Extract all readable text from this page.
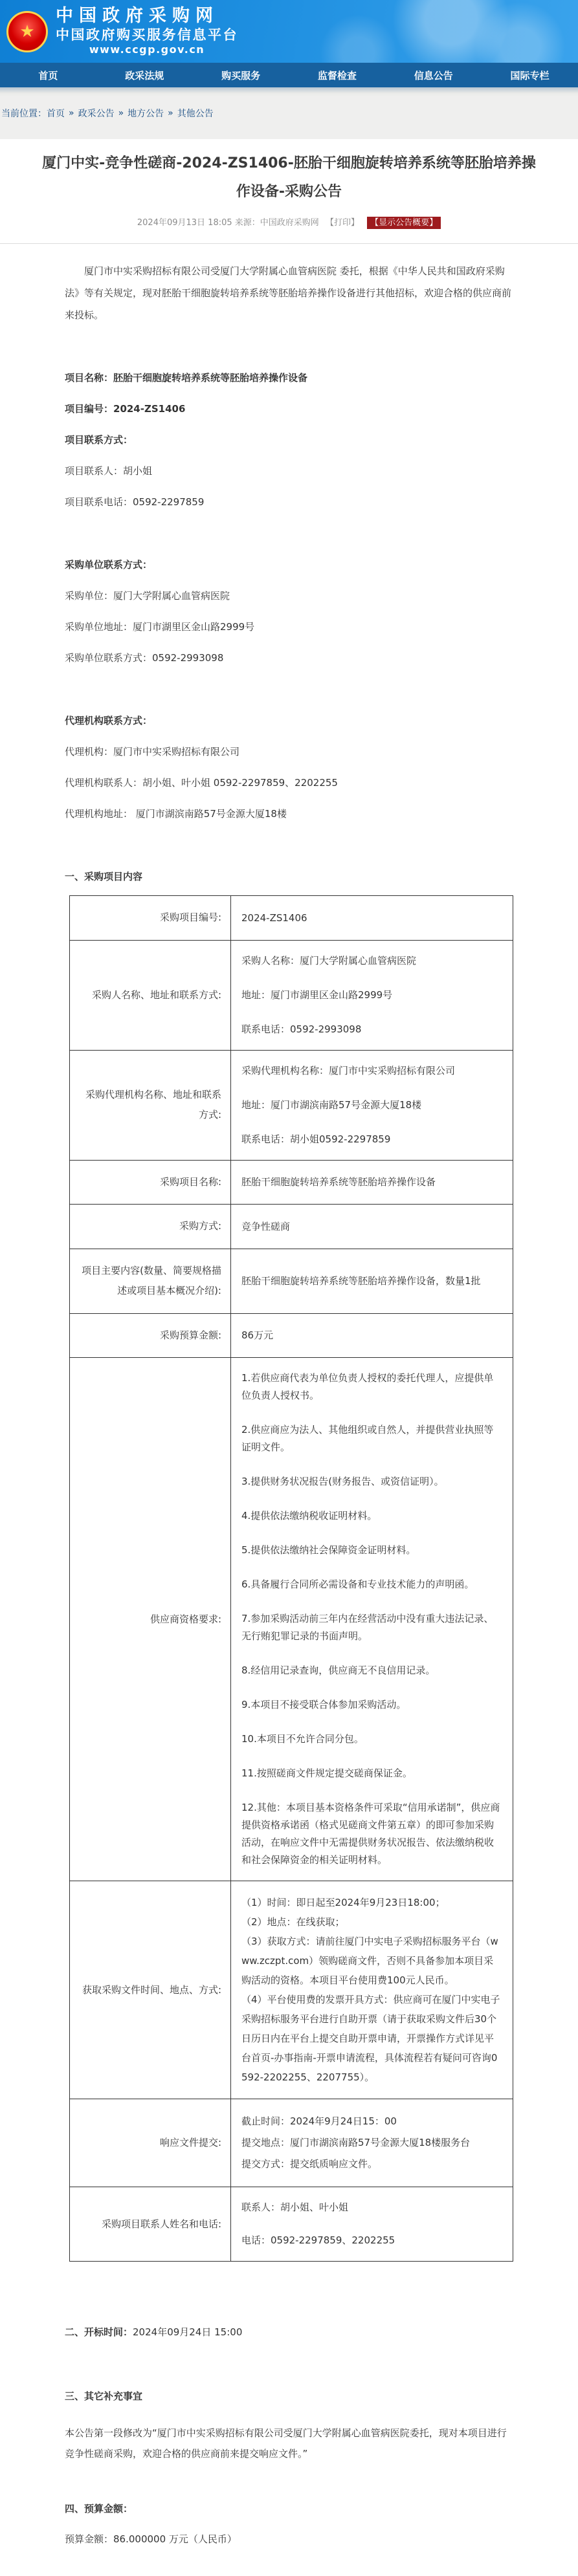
★
中国政府采购网
中国政府购买服务信息平台
www.ccgp.gov.cn
首页	政采法规	购买服务	监督检查	信息公告	国际专栏
当前位置：首页 » 政采公告 » 地方公告 » 其他公告
厦门中实-竞争性磋商-2024-ZS1406-胚胎干细胞旋转培养系统等胚胎培养操作设备-采购公告
2024年09月13日 18:05 来源：中国政府采购网 【打印】 【显示公告概要】

厦门市中实采购招标有限公司受厦门大学附属心血管病医院 委托，根据《中华人民共和国政府采购法》等有关规定，现对胚胎干细胞旋转培养系统等胚胎培养操作设备进行其他招标，欢迎合格的供应商前来投标。

项目名称：胚胎干细胞旋转培养系统等胚胎培养操作设备

项目编号：2024-ZS1406

项目联系方式：

项目联系人：胡小姐

项目联系电话：0592-2297859

采购单位联系方式：

采购单位：厦门大学附属心血管病医院

采购单位地址：厦门市湖里区金山路2999号

采购单位联系方式：0592-2993098

代理机构联系方式：

代理机构：厦门市中实采购招标有限公司

代理机构联系人：胡小姐、叶小姐 0592-2297859、2202255

代理机构地址： 厦门市湖滨南路57号金源大厦18楼

一、采购项目内容

采购项目编号:	2024-ZS1406

采购人名称、地址和联系方式:	采购人名称：厦门大学附属心血管病医院

地址：厦门市湖里区金山路2999号

联系电话：0592-2993098

采购代理机构名称、地址和联系方式:	采购代理机构名称：厦门市中实采购招标有限公司

地址：厦门市湖滨南路57号金源大厦18楼

联系电话：胡小姐0592-2297859

采购项目名称:	胚胎干细胞旋转培养系统等胚胎培养操作设备

采购方式:	竞争性磋商

项目主要内容(数量、简要规格描述或项目基本概况介绍):	胚胎干细胞旋转培养系统等胚胎培养操作设备，数量1批

采购预算金额:	86万元

供应商资格要求:	

1.若供应商代表为单位负责人授权的委托代理人，应提供单位负责人授权书。

2.供应商应为法人、其他组织或自然人，并提供营业执照等证明文件。

3.提供财务状况报告(财务报告、或资信证明）。

4.提供依法缴纳税收证明材料。

5.提供依法缴纳社会保障资金证明材料。

6.具备履行合同所必需设备和专业技术能力的声明函。

7.参加采购活动前三年内在经营活动中没有重大违法记录、无行贿犯罪记录的书面声明。

8.经信用记录查询，供应商无不良信用记录。

9.本项目不接受联合体参加采购活动。

10.本项目不允许合同分包。

11.按照磋商文件规定提交磋商保证金。

12.其他：本项目基本资格条件可采取“信用承诺制”，供应商提供资格承诺函（格式见磋商文件第五章）的即可参加采购活动，在响应文件中无需提供财务状况报告、依法缴纳税收和社会保障资金的相关证明材料。

获取采购文件时间、地点、方式:	（1）时间：即日起至2024年9月23日18:00；

（2）地点：在线获取；

（3）获取方式：请前往厦门中实电子采购招标服务平台（www.zczpt.com）领购磋商文件，否则不具备参加本项目采购活动的资格。本项目平台使用费100元人民币。

（4）平台使用费的发票开具方式：供应商可在厦门中实电子采购招标服务平台进行自助开票（请于获取采购文件后30个日历日内在平台上提交自助开票申请，开票操作方式详见平台首页-办事指南-开票申请流程，具体流程若有疑问可咨询0592-2202255、2207755）。

响应文件提交:	截止时间：2024年9月24日15：00

提交地点：厦门市湖滨南路57号金源大厦18楼服务台

提交方式：提交纸质响应文件。

采购项目联系人姓名和电话:	联系人：胡小姐、叶小姐

电话：0592-2297859、2202255

二、开标时间：2024年09月24日 15:00

三、其它补充事宜

本公告第一段修改为“厦门市中实采购招标有限公司受厦门大学附属心血管病医院委托，现对本项目进行竞争性磋商采购，欢迎合格的供应商前来提交响应文件。”

四、预算金额：

预算金额：86.000000 万元（人民币）
